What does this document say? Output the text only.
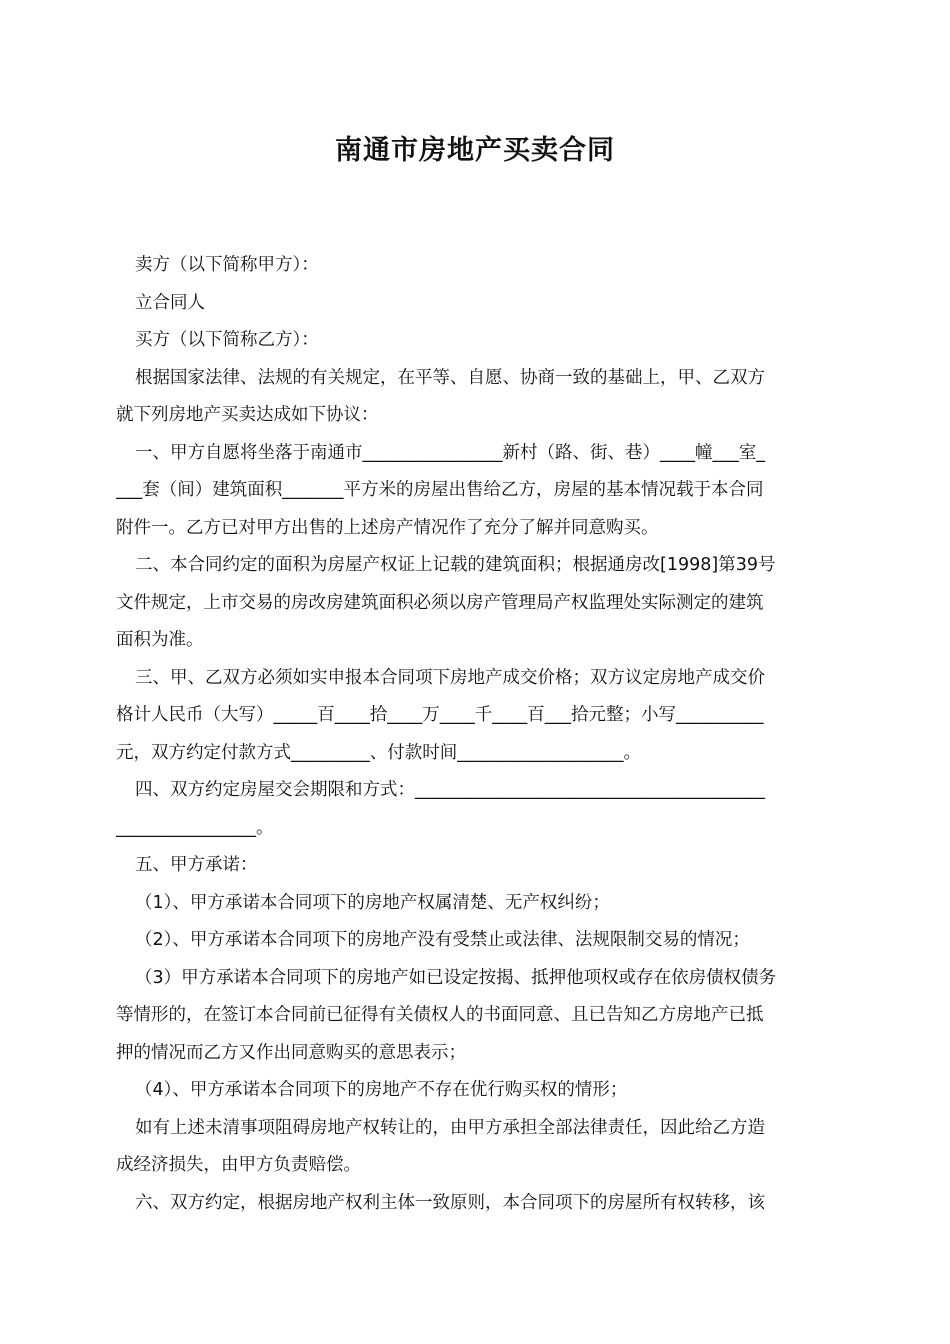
南通市房地产买卖合同
卖方（以下简称甲方）：
立合同人
买方（以下简称乙方）：
根据国家法律、法规的有关规定，在平等、自愿、协商一致的基础上，甲、乙双方
就下列房地产买卖达成如下协议：
一、甲方自愿将坐落于南通市________________新村（路、街、巷）____幢___室_
___套（间）建筑面积_______平方米的房屋出售给乙方，房屋的基本情况载于本合同
附件一。乙方已对甲方出售的上述房产情况作了充分了解并同意购买。
二、本合同约定的面积为房屋产权证上记载的建筑面积；根据通房改[1998]第39号
文件规定，上市交易的房改房建筑面积必须以房产管理局产权监理处实际测定的建筑
面积为准。
三、甲、乙双方必须如实申报本合同项下房地产成交价格；双方议定房地产成交价
格计人民币（大写）_____百____拾____万____千____百___拾元整；小写__________
元，双方约定付款方式_________、付款时间___________________。
四、双方约定房屋交会期限和方式：________________________________________
________________。
五、甲方承诺：
（1）、甲方承诺本合同项下的房地产权属清楚、无产权纠纷；
（2）、甲方承诺本合同项下的房地产没有受禁止或法律、法规限制交易的情况；
（3）甲方承诺本合同项下的房地产如已设定按揭、抵押他项权或存在依房债权债务
等情形的，在签订本合同前已征得有关债权人的书面同意、且已告知乙方房地产已抵
押的情况而乙方又作出同意购买的意思表示；
（4）、甲方承诺本合同项下的房地产不存在优行购买权的情形；
如有上述未清事项阻碍房地产权转让的，由甲方承担全部法律责任，因此给乙方造
成经济损失，由甲方负责赔偿。
六、双方约定，根据房地产权利主体一致原则，本合同项下的房屋所有权转移，该
